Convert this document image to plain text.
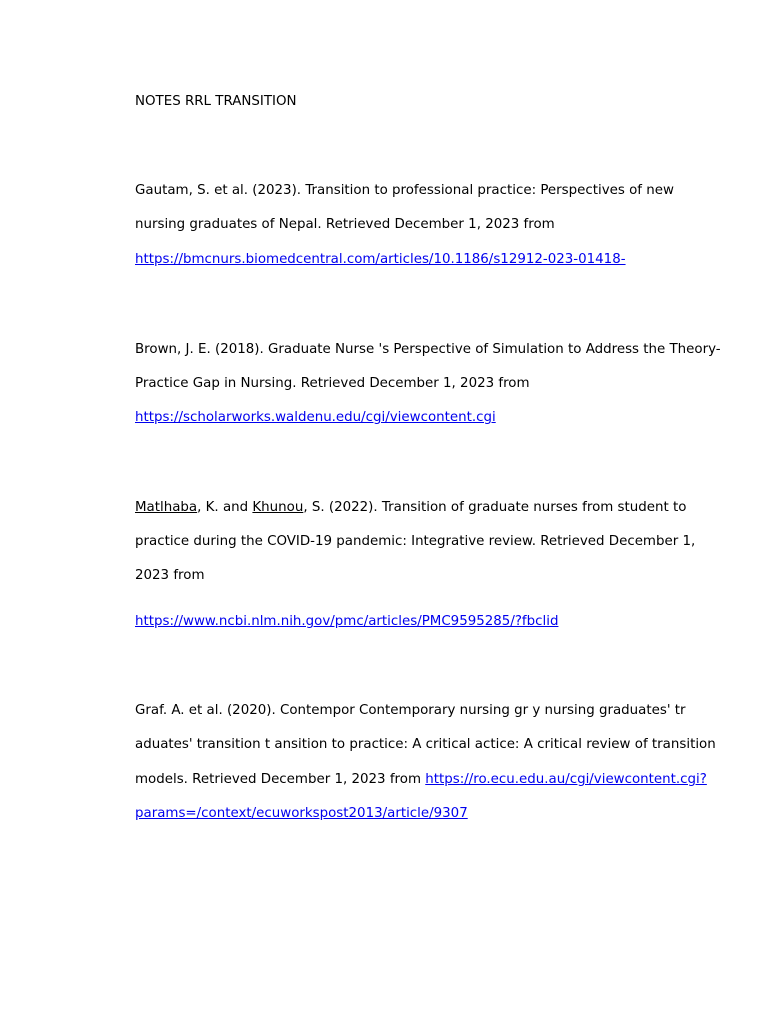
NOTES RRL TRANSITION
Gautam, S. et al. (2023). Transition to professional practice: Perspectives of new
nursing graduates of Nepal. Retrieved December 1, 2023 from
https://bmcnurs.biomedcentral.com/articles/10.1186/s12912-023-01418-
Brown, J. E. (2018). Graduate Nurse 's Perspective of Simulation to Address the Theory-
Practice Gap in Nursing. Retrieved December 1, 2023 from
https://scholarworks.waldenu.edu/cgi/viewcontent.cgi
Matlhaba, K. and Khunou, S. (2022). Transition of graduate nurses from student to
practice during the COVID-19 pandemic: Integrative review. Retrieved December 1,
2023 from
https://www.ncbi.nlm.nih.gov/pmc/articles/PMC9595285/?fbclid
Graf. A. et al. (2020). Contempor Contemporary nursing gr y nursing graduates' tr
aduates' transition t ansition to practice: A critical actice: A critical review of transition
models. Retrieved December 1, 2023 from https://ro.ecu.edu.au/cgi/viewcontent.cgi?
params=/context/ecuworkspost2013/article/9307
